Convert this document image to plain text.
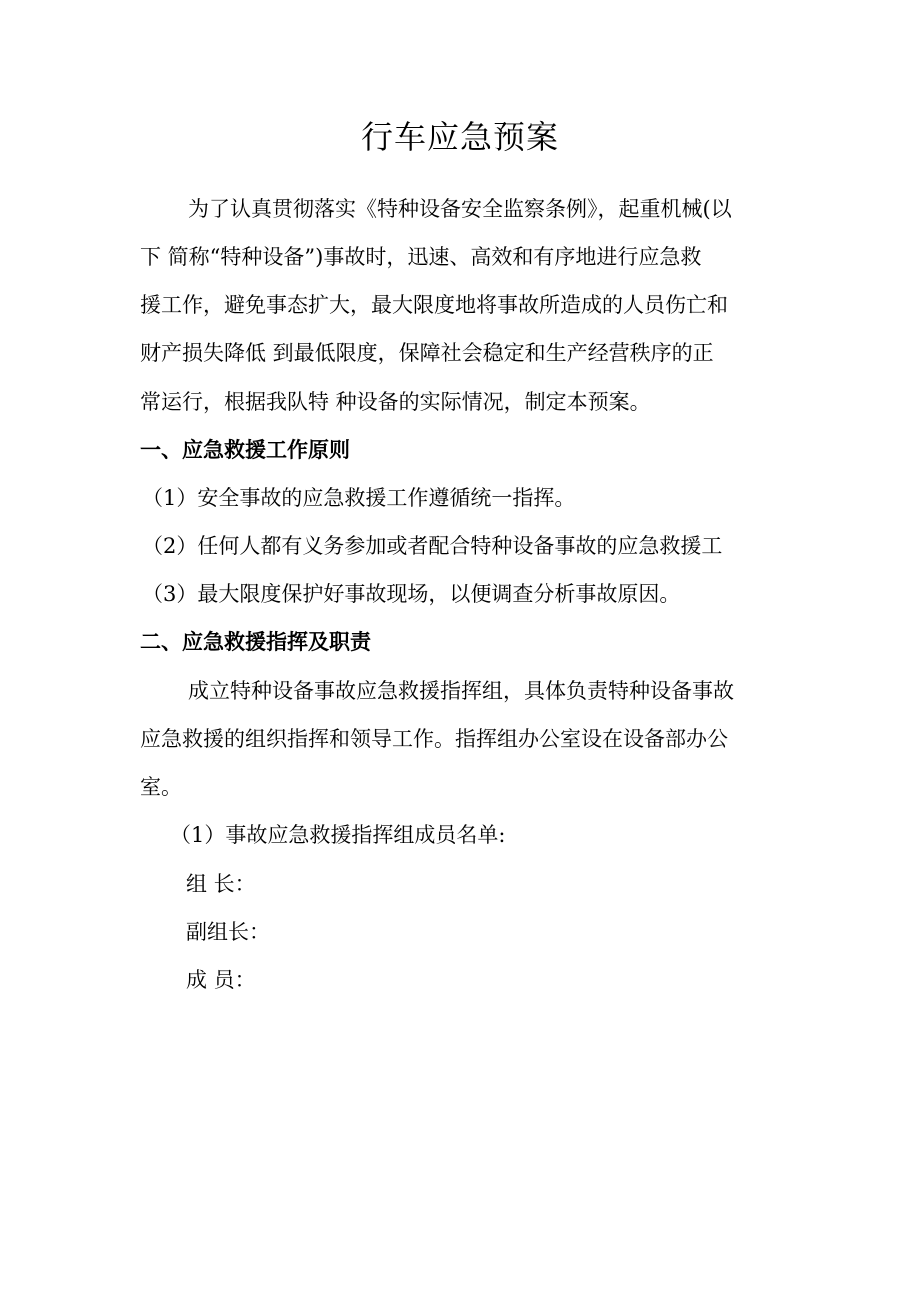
行车应急预案
为了认真贯彻落实《特种设备安全监察条例》，起重机械(以
下 简称“特种设备”)事故时，迅速、高效和有序地进行应急救
援工作，避免事态扩大，最大限度地将事故所造成的人员伤亡和
财产损失降低 到最低限度，保障社会稳定和生产经营秩序的正
常运行，根据我队特 种设备的实际情况，制定本预案。
一、应急救援工作原则
（1）安全事故的应急救援工作遵循统一指挥。
（2）任何人都有义务参加或者配合特种设备事故的应急救援工
（3）最大限度保护好事故现场，以便调查分析事故原因。
二、应急救援指挥及职责
成立特种设备事故应急救援指挥组，具体负责特种设备事故
应急救援的组织指挥和领导工作。指挥组办公室设在设备部办公
室。
（1）事故应急救援指挥组成员名单:
组 长：
副组长：
成 员：
